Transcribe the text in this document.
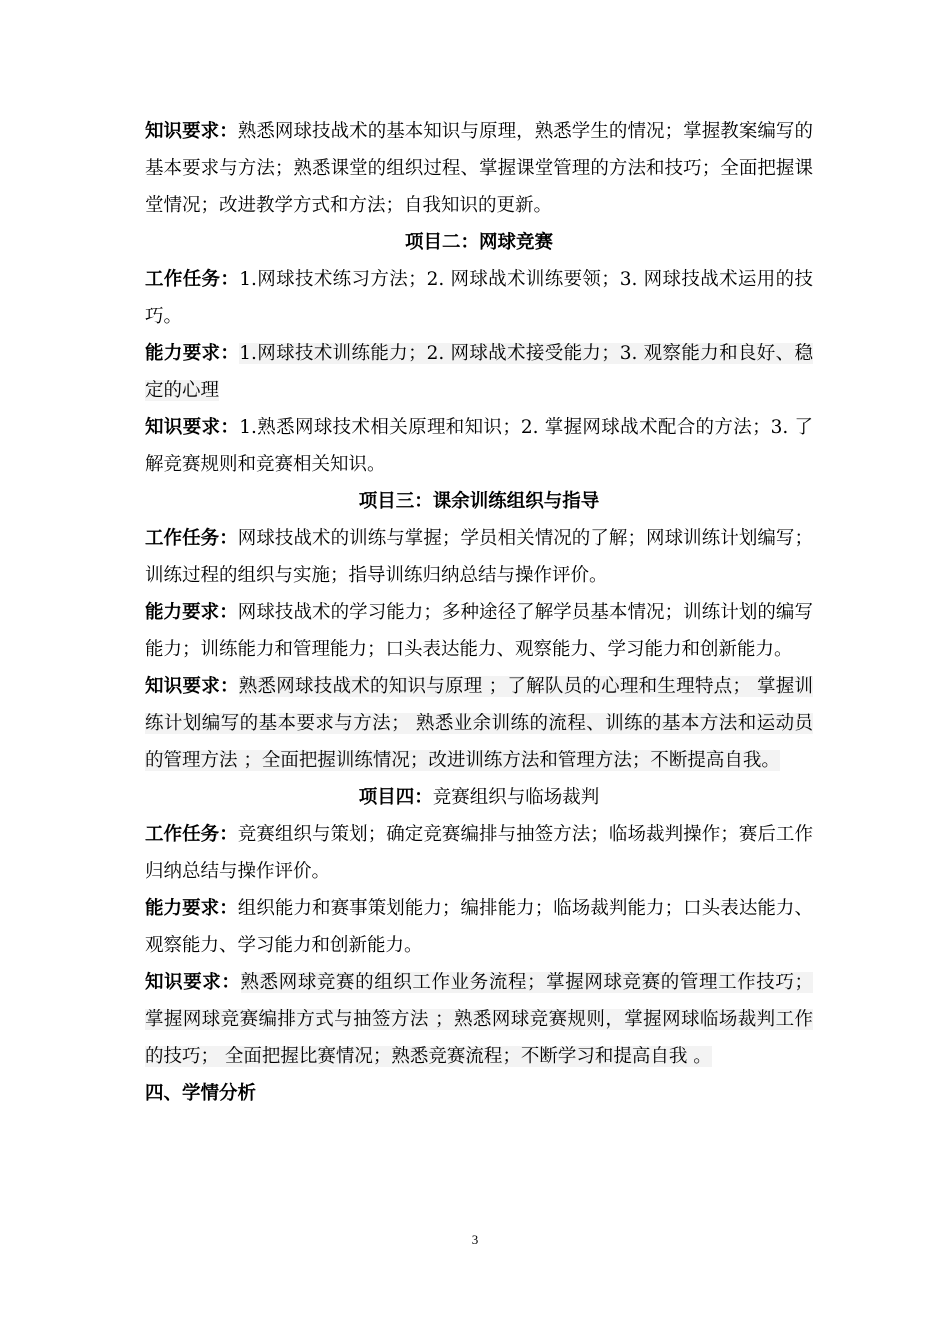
知识要求：熟悉网球技战术的基本知识与原理，熟悉学生的情况；掌握教案编写的基本要求与方法；熟悉课堂的组织过程、掌握课堂管理的方法和技巧；全面把握课堂情况；改进教学方式和方法；自我知识的更新。

项目二：网球竞赛

工作任务：1.网球技术练习方法；2. 网球战术训练要领；3. 网球技战术运用的技巧。

能力要求：1.网球技术训练能力；2. 网球战术接受能力；3. 观察能力和良好、稳定的心理

知识要求：1.熟悉网球技术相关原理和知识；2. 掌握网球战术配合的方法；3. 了解竞赛规则和竞赛相关知识。

项目三：课余训练组织与指导

工作任务：网球技战术的训练与掌握；学员相关情况的了解；网球训练计划编写；训练过程的组织与实施；指导训练归纳总结与操作评价。

能力要求：网球技战术的学习能力；多种途径了解学员基本情况；训练计划的编写能力；训练能力和管理能力；口头表达能力、观察能力、学习能力和创新能力。

知识要求：熟悉网球技战术的知识与原理 ；了解队员的心理和生理特点； 掌握训练计划编写的基本要求与方法； 熟悉业余训练的流程、训练的基本方法和运动员的管理方法 ；全面把握训练情况；改进训练方法和管理方法；不断提高自我。

项目四：竞赛组织与临场裁判

工作任务：竞赛组织与策划；确定竞赛编排与抽签方法；临场裁判操作；赛后工作归纳总结与操作评价。

能力要求：组织能力和赛事策划能力；编排能力；临场裁判能力；口头表达能力、观察能力、学习能力和创新能力。

知识要求：熟悉网球竞赛的组织工作业务流程；掌握网球竞赛的管理工作技巧； 掌握网球竞赛编排方式与抽签方法 ；熟悉网球竞赛规则，掌握网球临场裁判工作的技巧； 全面把握比赛情况；熟悉竞赛流程；不断学习和提高自我 。

四、学情分析

3
